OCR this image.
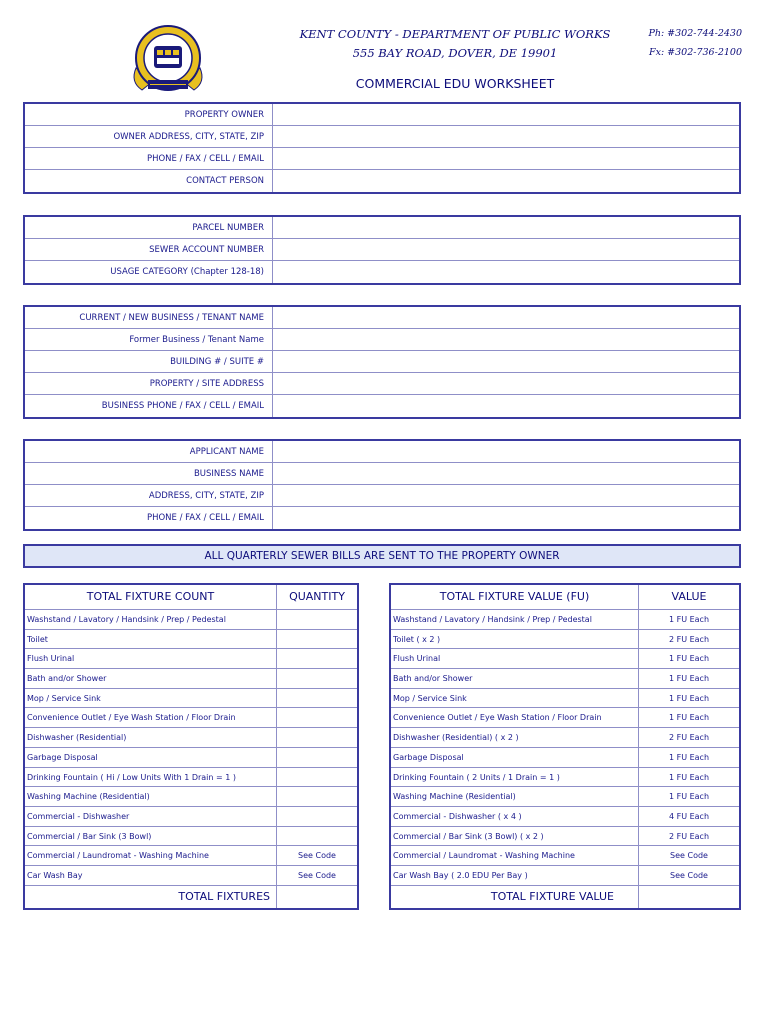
KENT COUNTY - DEPARTMENT OF PUBLIC WORKS
555 BAY ROAD, DOVER, DE 19901
Ph: #302-744-2430
Fx: #302-736-2100
COMMERCIAL EDU WORKSHEET
PROPERTY OWNER
OWNER ADDRESS, CITY, STATE, ZIP
PHONE / FAX / CELL / EMAIL
CONTACT PERSON
PARCEL NUMBER
SEWER ACCOUNT NUMBER
USAGE CATEGORY (Chapter 128-18)
CURRENT / NEW BUSINESS / TENANT NAME
Former Business / Tenant Name
BUILDING # / SUITE #
PROPERTY / SITE ADDRESS
BUSINESS PHONE / FAX / CELL / EMAIL
APPLICANT NAME
BUSINESS NAME
ADDRESS, CITY, STATE, ZIP
PHONE / FAX / CELL / EMAIL
ALL QUARTERLY SEWER BILLS ARE SENT TO THE PROPERTY OWNER
TOTAL FIXTURE COUNT	QUANTITY
Washstand / Lavatory / Handsink / Prep / Pedestal
Toilet
Flush Urinal
Bath and/or Shower
Mop / Service Sink
Convenience Outlet / Eye Wash Station / Floor Drain
Dishwasher (Residential)
Garbage Disposal
Drinking Fountain ( Hi / Low Units With 1 Drain = 1 )
Washing Machine (Residential)
Commercial - Dishwasher
Commercial / Bar Sink (3 Bowl)
Commercial / Laundromat - Washing Machine	See Code
Car Wash Bay	See Code
TOTAL FIXTURES
TOTAL FIXTURE VALUE (FU)	VALUE
Washstand / Lavatory / Handsink / Prep / Pedestal	1 FU Each
Toilet ( x 2 )	2 FU Each
Flush Urinal	1 FU Each
Bath and/or Shower	1 FU Each
Mop / Service Sink	1 FU Each
Convenience Outlet / Eye Wash Station / Floor Drain	1 FU Each
Dishwasher (Residential) ( x 2 )	2 FU Each
Garbage Disposal	1 FU Each
Drinking Fountain ( 2 Units / 1 Drain = 1 )	1 FU Each
Washing Machine (Residential)	1 FU Each
Commercial - Dishwasher ( x 4 )	4 FU Each
Commercial / Bar Sink (3 Bowl) ( x 2 )	2 FU Each
Commercial / Laundromat - Washing Machine	See Code
Car Wash Bay ( 2.0 EDU Per Bay )	See Code
TOTAL FIXTURE VALUE
